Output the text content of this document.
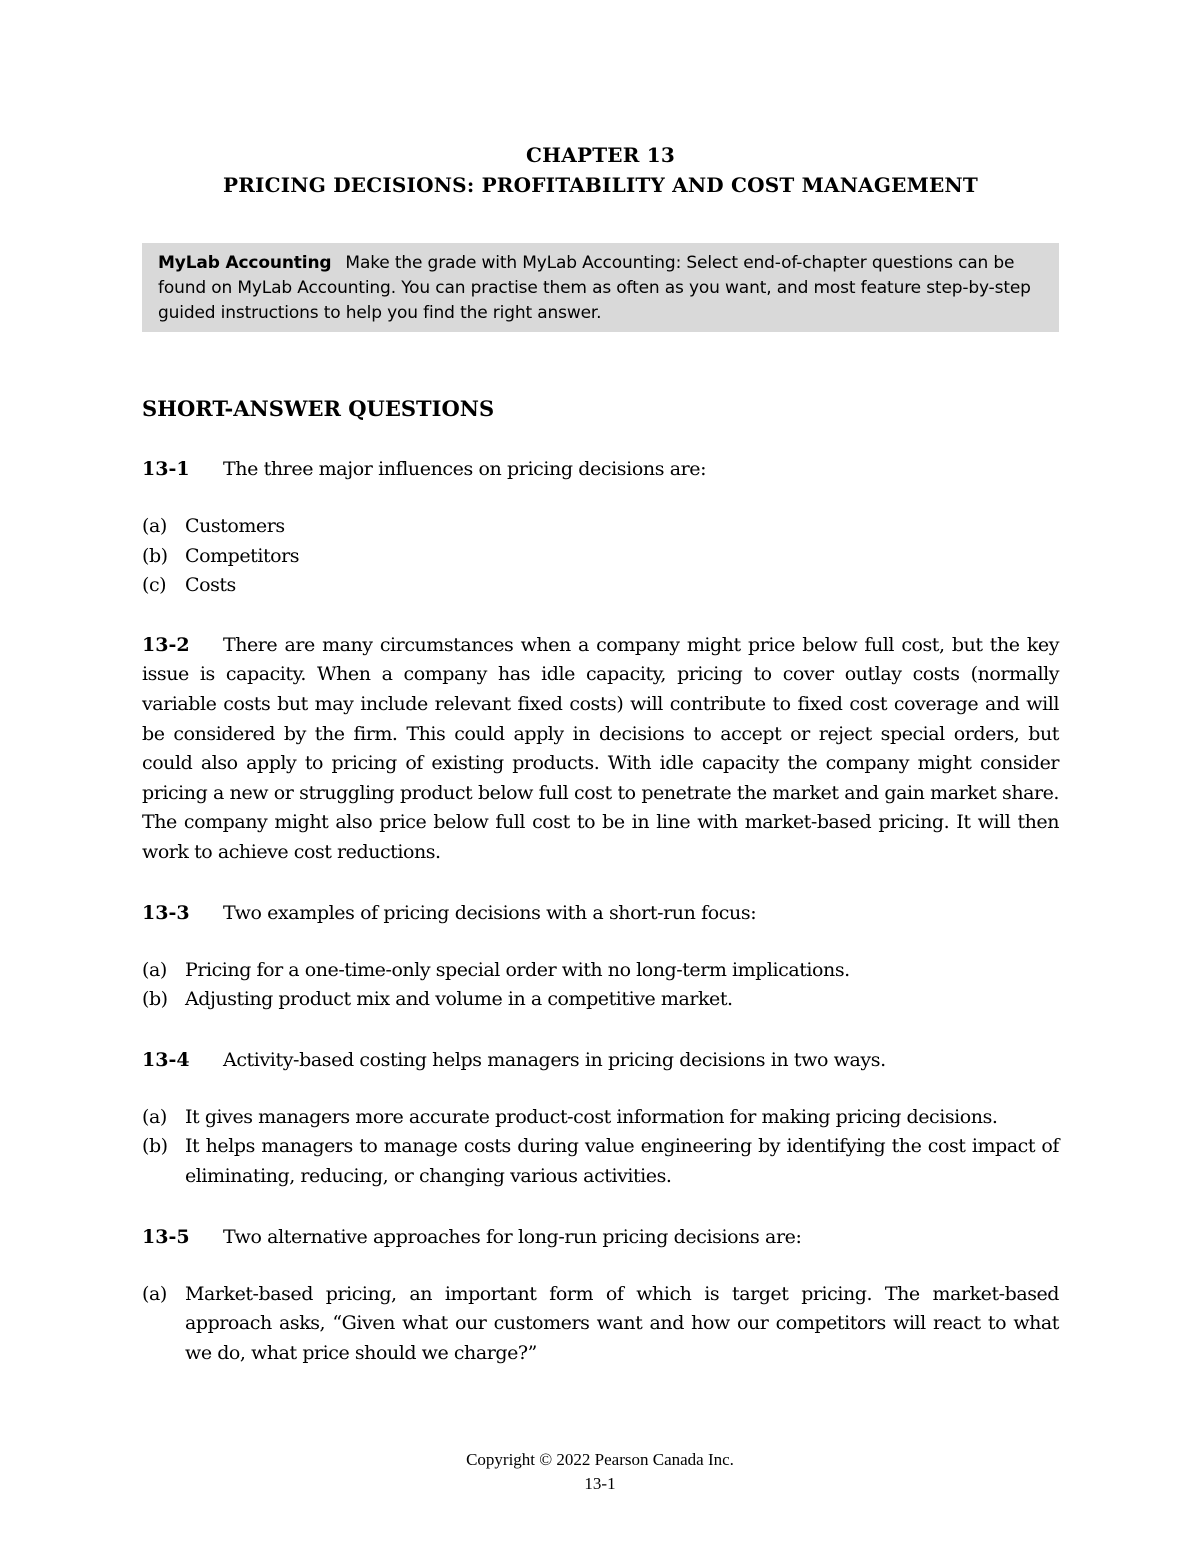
CHAPTER 13
PRICING DECISIONS: PROFITABILITY AND COST MANAGEMENT
MyLab Accounting Make the grade with MyLab Accounting: Select end-of-chapter questions can be found on MyLab Accounting. You can practise them as often as you want, and most feature step-by-step guided instructions to help you find the right answer.
SHORT-ANSWER QUESTIONS
13-1 The three major influences on pricing decisions are:
(a) Customers
(b) Competitors
(c) Costs
13-2 There are many circumstances when a company might price below full cost, but the key issue is capacity. When a company has idle capacity, pricing to cover outlay costs (normally variable costs but may include relevant fixed costs) will contribute to fixed cost coverage and will be considered by the firm. This could apply in decisions to accept or reject special orders, but could also apply to pricing of existing products. With idle capacity the company might consider pricing a new or struggling product below full cost to penetrate the market and gain market share. The company might also price below full cost to be in line with market-based pricing. It will then work to achieve cost reductions.
13-3 Two examples of pricing decisions with a short-run focus:
(a) Pricing for a one-time-only special order with no long-term implications.
(b) Adjusting product mix and volume in a competitive market.
13-4 Activity-based costing helps managers in pricing decisions in two ways.
(a) It gives managers more accurate product-cost information for making pricing decisions.
(b) It helps managers to manage costs during value engineering by identifying the cost impact of eliminating, reducing, or changing various activities.
13-5 Two alternative approaches for long-run pricing decisions are:
(a) Market-based pricing, an important form of which is target pricing. The market-based approach asks, “Given what our customers want and how our competitors will react to what we do, what price should we charge?”
Copyright © 2022 Pearson Canada Inc.
13-1
